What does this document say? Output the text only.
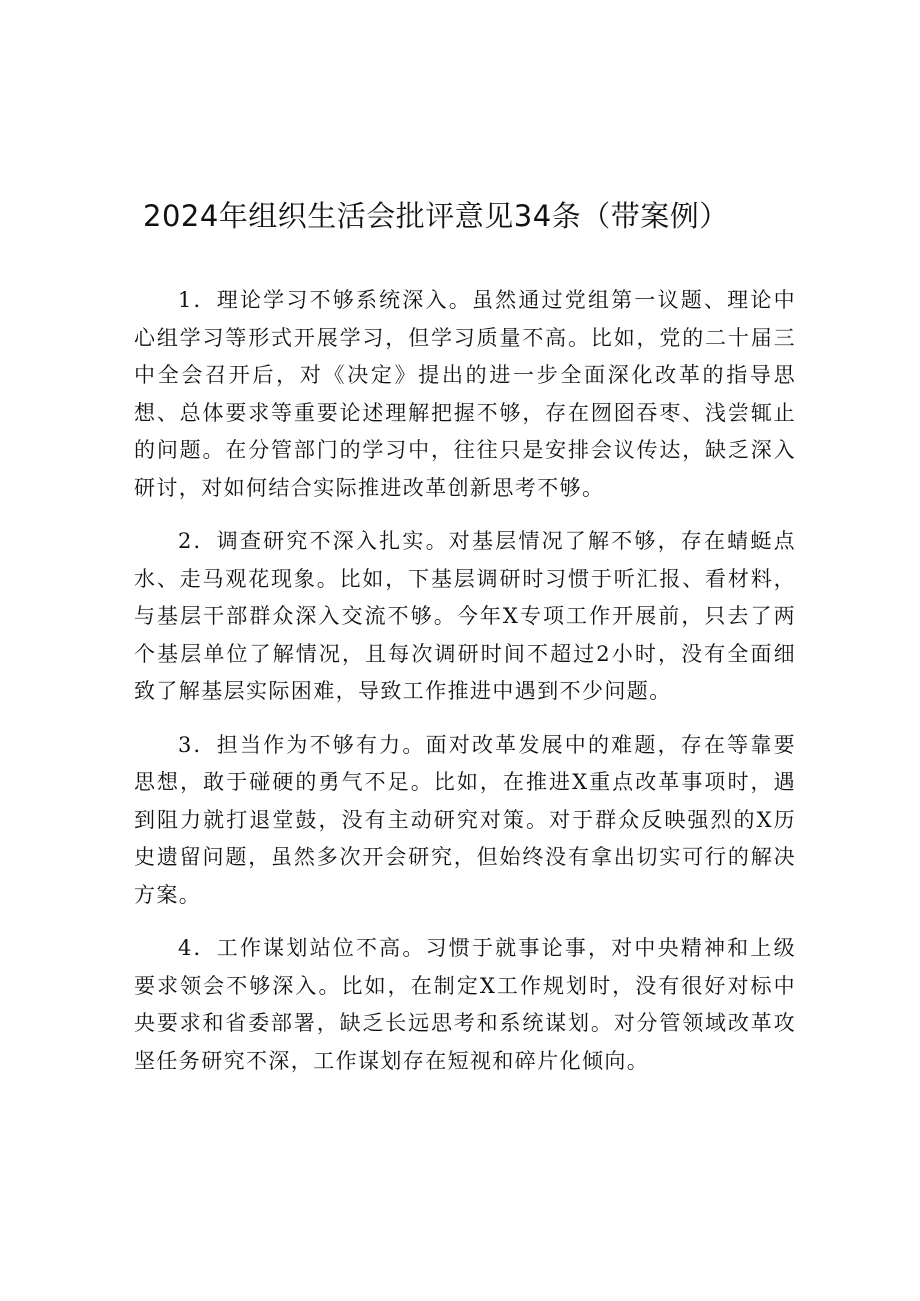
2024年组织生活会批评意见34条（带案例）

1．理论学习不够系统深入。虽然通过党组第一议题、理论中心组学习等形式开展学习，但学习质量不高。比如，党的二十届三中全会召开后，对《决定》提出的进一步全面深化改革的指导思想、总体要求等重要论述理解把握不够，存在囫囵吞枣、浅尝辄止的问题。在分管部门的学习中，往往只是安排会议传达，缺乏深入研讨，对如何结合实际推进改革创新思考不够。

2．调查研究不深入扎实。对基层情况了解不够，存在蜻蜓点水、走马观花现象。比如，下基层调研时习惯于听汇报、看材料，与基层干部群众深入交流不够。今年X专项工作开展前，只去了两个基层单位了解情况，且每次调研时间不超过2小时，没有全面细致了解基层实际困难，导致工作推进中遇到不少问题。

3．担当作为不够有力。面对改革发展中的难题，存在等靠要思想，敢于碰硬的勇气不足。比如，在推进X重点改革事项时，遇到阻力就打退堂鼓，没有主动研究对策。对于群众反映强烈的X历史遗留问题，虽然多次开会研究，但始终没有拿出切实可行的解决方案。

4．工作谋划站位不高。习惯于就事论事，对中央精神和上级要求领会不够深入。比如，在制定X工作规划时，没有很好对标中央要求和省委部署，缺乏长远思考和系统谋划。对分管领域改革攻坚任务研究不深，工作谋划存在短视和碎片化倾向。
